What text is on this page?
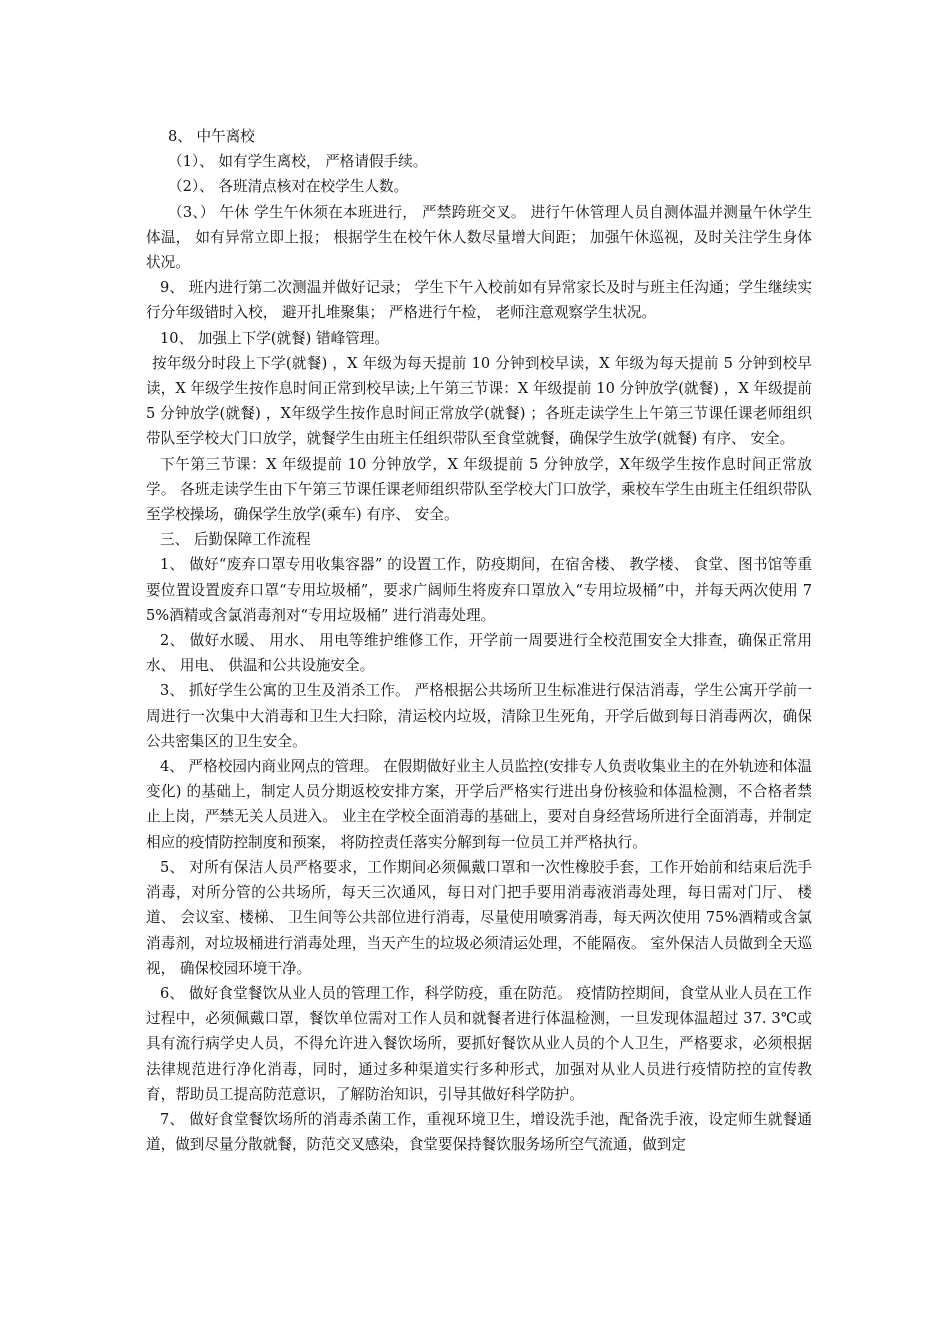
8、 中午离校

（1）、 如有学生离校， 严格请假手续。

（2）、 各班清点核对在校学生人数。

（3、） 午休 学生午休须在本班进行， 严禁跨班交叉。 进行午休管理人员自测体温并测量午休学生体温， 如有异常立即上报； 根据学生在校午休人数尽量增大间距； 加强午休巡视，及时关注学生身体状况。

9、 班内进行第二次测温并做好记录； 学生下午入校前如有异常家长及时与班主任沟通；学生继续实行分年级错时入校， 避开扎堆聚集； 严格进行午检， 老师注意观察学生状况。

10、 加强上下学(就餐) 错峰管理。

按年级分时段上下学(就餐) ，X 年级为每天提前 10 分钟到校早读，X 年级为每天提前 5 分钟到校早读，X 年级学生按作息时间正常到校早读;上午第三节课：X 年级提前 10 分钟放学(就餐) ，X 年级提前 5 分钟放学(就餐) ，X年级学生按作息时间正常放学(就餐) ；各班走读学生上午第三节课任课老师组织带队至学校大门口放学，就餐学生由班主任组织带队至食堂就餐，确保学生放学(就餐) 有序、 安全。

下午第三节课：X 年级提前 10 分钟放学，X 年级提前 5 分钟放学，X年级学生按作息时间正常放学。 各班走读学生由下午第三节课任课老师组织带队至学校大门口放学，乘校车学生由班主任组织带队至学校操场，确保学生放学(乘车) 有序、 安全。

三、 后勤保障工作流程

1、 做好“废弃口罩专用收集容器” 的设置工作，防疫期间，在宿舍楼、 教学楼、 食堂、图书馆等重要位置设置废弃口罩“专用垃圾桶”，要求广阔师生将废弃口罩放入“专用垃圾桶”中，并每天两次使用 75%酒精或含氯消毒剂对“专用垃圾桶” 进行消毒处理。

2、 做好水暖、 用水、 用电等维护维修工作，开学前一周要进行全校范围安全大排查，确保正常用水、 用电、 供温和公共设施安全。

3、 抓好学生公寓的卫生及消杀工作。 严格根据公共场所卫生标准进行保洁消毒，学生公寓开学前一周进行一次集中大消毒和卫生大扫除，清运校内垃圾，清除卫生死角，开学后做到每日消毒两次，确保公共密集区的卫生安全。

4、 严格校园内商业网点的管理。 在假期做好业主人员监控(安排专人负责收集业主的在外轨迹和体温变化) 的基础上，制定人员分期返校安排方案，开学后严格实行进出身份核验和体温检测，不合格者禁止上岗，严禁无关人员进入。 业主在学校全面消毒的基础上，要对自身经营场所进行全面消毒，并制定相应的疫情防控制度和预案， 将防控责任落实分解到每一位员工并严格执行。

5、 对所有保洁人员严格要求，工作期间必须佩戴口罩和一次性橡胶手套，工作开始前和结束后洗手消毒，对所分管的公共场所，每天三次通风，每日对门把手要用消毒液消毒处理，每日需对门厅、 楼道、 会议室、楼梯、 卫生间等公共部位进行消毒，尽量使用喷雾消毒，每天两次使用 75%酒精或含氯消毒剂，对垃圾桶进行消毒处理，当天产生的垃圾必须清运处理，不能隔夜。 室外保洁人员做到全天巡视， 确保校园环境干净。

6、 做好食堂餐饮从业人员的管理工作，科学防疫，重在防范。 疫情防控期间，食堂从业人员在工作过程中，必须佩戴口罩，餐饮单位需对工作人员和就餐者进行体温检测，一旦发现体温超过 37. 3℃或具有流行病学史人员，不得允许进入餐饮场所，要抓好餐饮从业人员的个人卫生，严格要求，必须根据法律规范进行净化消毒，同时，通过多种渠道实行多种形式，加强对从业人员进行疫情防控的宣传教育，帮助员工提高防范意识，了解防治知识，引导其做好科学防护。

7、 做好食堂餐饮场所的消毒杀菌工作，重视环境卫生，增设洗手池，配备洗手液，设定师生就餐通道，做到尽量分散就餐，防范交叉感染，食堂要保持餐饮服务场所空气流通，做到定
